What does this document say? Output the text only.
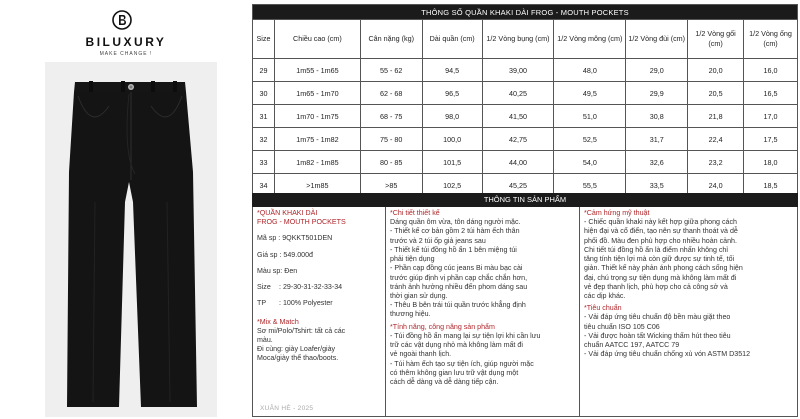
BILUXURY
MAKE CHANGE !
THÔNG SỐ QUẦN KHAKI DÀI FROG - MOUTH POCKETS								
Size	Chiều cao (cm)	Cân nặng (kg)	Dài quần (cm)	1/2 Vòng bụng (cm)	1/2 Vòng mông (cm)	1/2 Vòng đùi (cm)	1/2 Vòng gối (cm)	1/2 Vòng ống (cm)
29	1m55 - 1m65	55 - 62	94,5	39,00	48,0	29,0	20,0	16,0
30	1m65 - 1m70	62 - 68	96,5	40,25	49,5	29,9	20,5	16,5
31	1m70 - 1m75	68 - 75	98,0	41,50	51,0	30,8	21,8	17,0
32	1m75 - 1m82	75 - 80	100,0	42,75	52,5	31,7	22,4	17,5
33	1m82 - 1m85	80 - 85	101,5	44,00	54,0	32,6	23,2	18,0
34	>1m85	>85	102,5	45,25	55,5	33,5	24,0	18,5
THÔNG TIN SẢN PHẨM
*QUẦN KHAKI DÀI
FROG - MOUTH POCKETS
Mã sp : 9QKKT501DEN
Giá sp : 549.000đ
Màu sp: Đen
Size	: 29-30-31-32-33-34
TP	: 100% Polyester
*Mix & Match
Sơ mi/Polo/Tshirt: tất cả các
màu.
Đi cùng: giày Loafer/giày
Moca/giày thể thao/boots.
XUÂN HÈ - 2025
*Chi tiết thiết kế
Dáng quần ôm vừa, tôn dáng người mặc.
- Thiết kế cơ bản gồm 2 túi hàm ếch thân
trước và 2 túi ốp giả jeans sau
- Thiết kế túi đồng hồ ẩn 1 bên miệng túi
phải tiện dụng
- Phần cạp đồng cúc jeans Bi màu bạc cài
trước giúp định vị phần cạp chắc chắn hơn,
tránh ảnh hưởng nhiều đến phom dáng sau
thời gian sử dụng.
- Thêu B bên trái túi quần trước khẳng định
thương hiệu.
*Tính năng, công năng sản phẩm
- Túi đồng hồ ẩn mang lại sự tiện lợi khi cần lưu
trữ các vật dụng nhỏ mà không làm mất đi
vẻ ngoài thanh lịch.
- Túi hàm ếch tạo sự tiện ích, giúp người mặc
có thêm không gian lưu trữ vật dụng một
cách dễ dàng và dễ dàng tiếp cận.
*Cảm hứng mỹ thuật
- Chiếc quần khaki này kết hợp giữa phong cách
hiện đại và cổ điển, tạo nên sự thanh thoát và dễ
phối đồ. Màu đen phù hợp cho nhiều hoàn cảnh.
Chi tiết túi đồng hồ ẩn là điểm nhấn không chỉ
tăng tính tiện lợi mà còn giữ được sự tinh tế, tối
giản. Thiết kế này phản ánh phong cách sống hiện
đại, chú trọng sự tiện dụng mà không làm mất đi
vẻ đẹp thanh lịch, phù hợp cho cả công sở và
các dịp khác.
*Tiêu chuẩn
- Vải đáp ứng tiêu chuẩn độ bền màu giặt theo
tiêu chuẩn ISO 105 C06
- Vải được hoàn tất Wicking thấm hút theo tiêu
chuẩn AATCC 197, AATCC 79
- Vải đáp ứng tiêu chuẩn chống xù vón ASTM D3512
